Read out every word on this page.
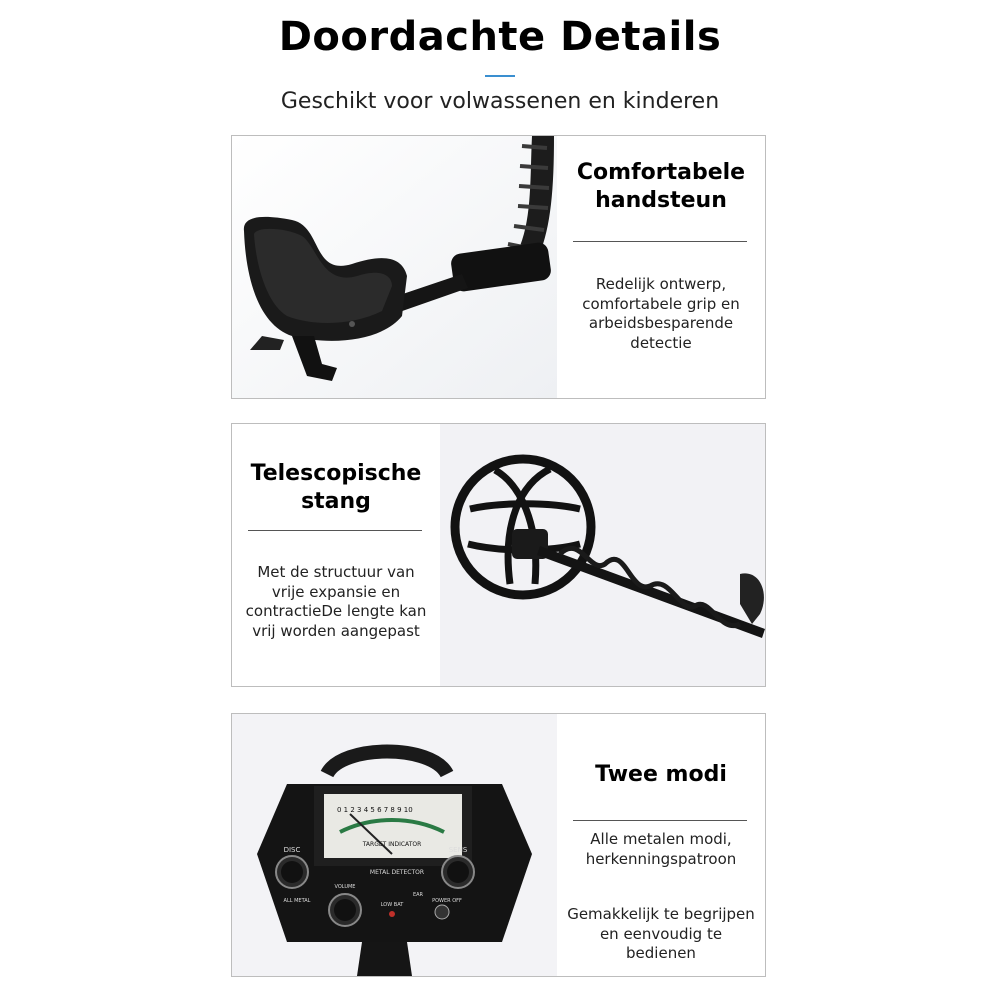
Doordachte Details
Geschikt voor volwassenen en kinderen
Comfortabele handsteun
Redelijk ontwerp, comfortabele grip en arbeidsbesparende detectie
Telescopische stang
Met de structuur van vrije expansie en contractieDe lengte kan vrij worden aangepast
0 1 2 3 4 5 6 7 8 9 10
TARGET INDICATOR
DISC	SENS
METAL DETECTOR
ALL METAL
VOLUME
LOW BAT
EAR
POWER OFF
Twee modi
Alle metalen modi, herkenningspatroon
Gemakkelijk te begrijpen en eenvoudig te bedienen
